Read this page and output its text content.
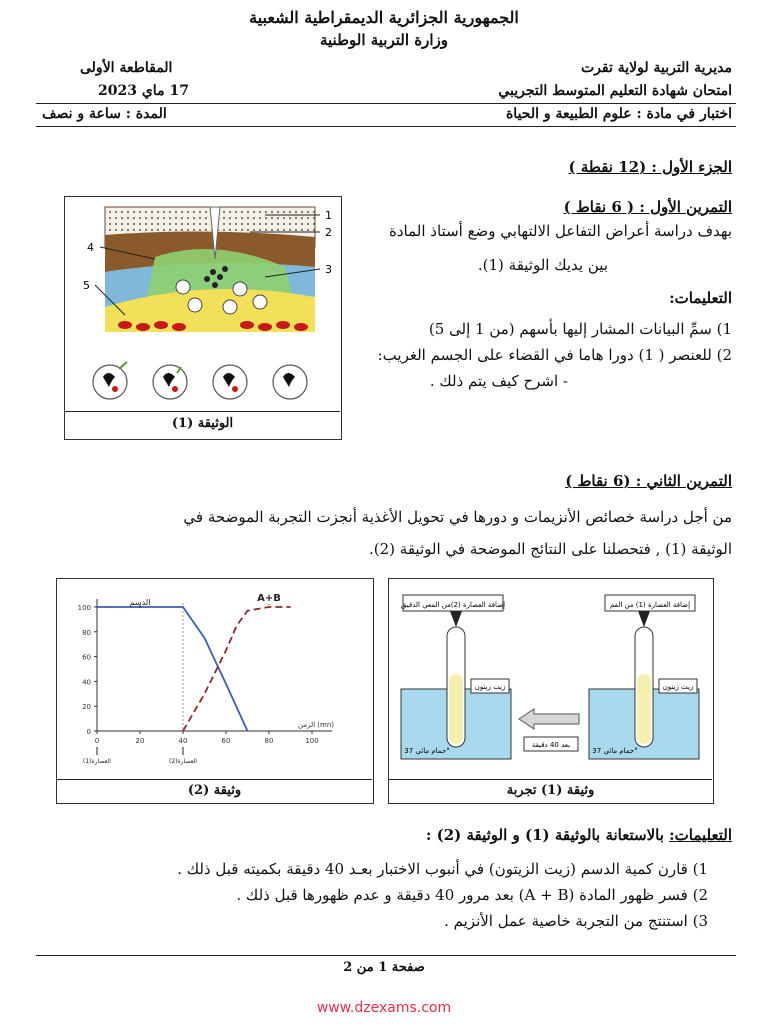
الجمهورية الجزائرية الديمقراطية الشعبية
وزارة التربية الوطنية
مديرية التربية لولاية تقرت
امتحان شهادة التعليم المتوسط التجريبي
اختبار في مادة : علوم الطبيعة و الحياة
المقاطعة الأولى
17 ماي 2023
المدة : ساعة و نصف
الجزء الأول : (12 نقطة )
التمرين الأول : ( 6 نقاط )
بهدف دراسة أعراض التفاعل الالتهابي وضع أستاذ المادة
بين يديك الوثيقة (1).
التعليمات:
1) سمِّ البيانات المشار إليها بأسهم (من 1 إلى 5)
2) للعنصر ( 1) دورا هاما في القضاء على الجسم الغريب:
- اشرح كيف يتم ذلك .
1
2
3
4
5
الوثيقة (1)
التمرين الثاني : (6 نقاط )
من أجل دراسة خصائص الأنزيمات و دورها في تحويل الأغذية أنجزت التجربة الموضحة في
الوثيقة (1) , فتحصلنا على النتائج الموضحة في الوثيقة (2).
0
20
40
60
80
100
0	20	40	60	80	100
الزمن (mn)
الدسم	A+B
العصارة(1)	العصارة(2)
وثيقة (2)
إضافة العصارة (2)من المعي الدقيق	إضافة العصارة (1) من الفم
زيت زيتون	زيت زيتون
بعد 40 دقيقة
حمام مائي 37°	حمام مائي 37°
وثيقة (1) تجربة
التعليمات: بالاستعانة بالوثيقة (1) و الوثيقة (2) :
1) قارن كمية الدسم (زيت الزيتون) في أنبوب الاختبار بعـد 40 دقيقة بكميته قبل ذلك .
2) فسر ظهور المادة (A + B) بعد مرور 40 دقيقة و عدم ظهورها قبل ذلك .
3) استنتج من التجربة خاصية عمل الأنزيم .
صفحة 1 من 2
www.dzexams.com
